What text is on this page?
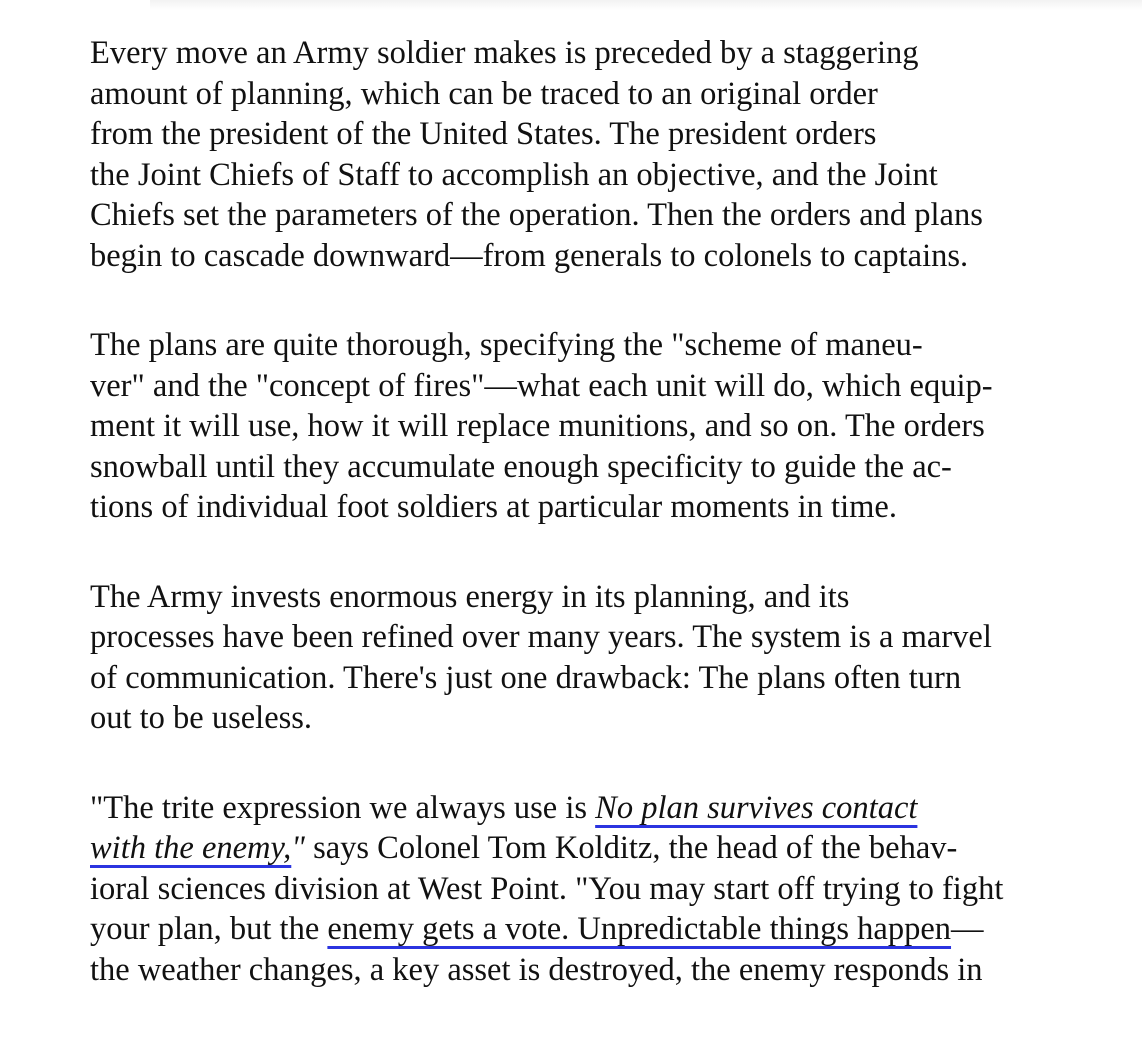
Every move an Army soldier makes is preceded by a staggering
amount of planning, which can be traced to an original order
from the president of the United States. The president orders
the Joint Chiefs of Staff to accomplish an objective, and the Joint
Chiefs set the parameters of the operation. Then the orders and plans
begin to cascade downward—from generals to colonels to captains.

The plans are quite thorough, specifying the "scheme of maneu-
ver" and the "concept of fires"—what each unit will do, which equip-
ment it will use, how it will replace munitions, and so on. The orders
snowball until they accumulate enough specificity to guide the ac-
tions of individual foot soldiers at particular moments in time.

The Army invests enormous energy in its planning, and its
processes have been refined over many years. The system is a marvel
of communication. There's just one drawback: The plans often turn
out to be useless.

"The trite expression we always use is No plan survives contact
with the enemy," says Colonel Tom Kolditz, the head of the behav-
ioral sciences division at West Point. "You may start off trying to fight
your plan, but the enemy gets a vote. Unpredictable things happen—
the weather changes, a key asset is destroyed, the enemy responds in
